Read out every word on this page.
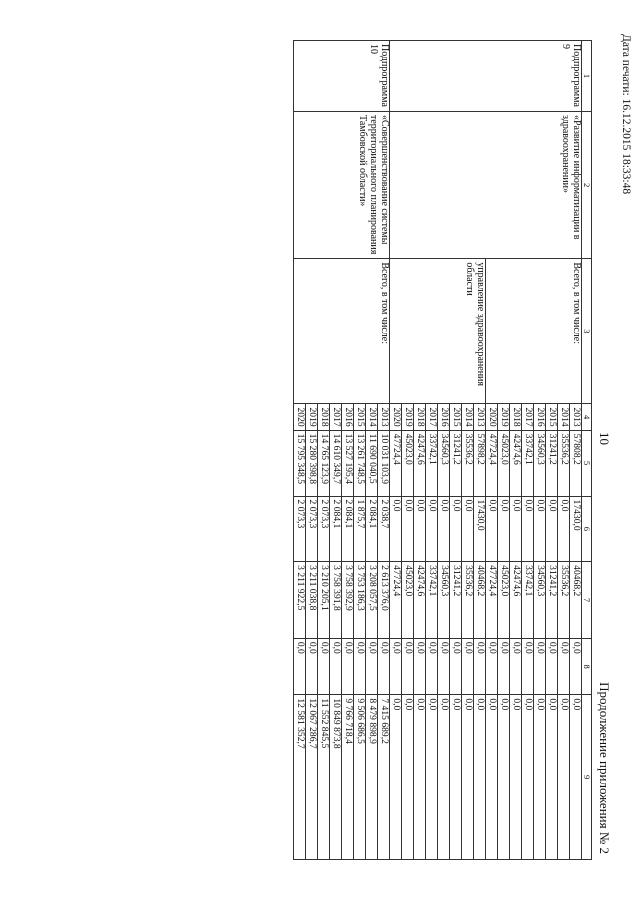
10
Продолжение приложения № 2
1	2	3	4	5	6	7	8	9
Подпрограмма 9	«Развитие информатизации в здравоохранении»	Всего, в том числе:	2013	57808,2	17430,0	40468,2	0,0	0,0
			2014	35536,2	0,0	35536,2	0,0	0,0
			2015	31241,2	0,0	31241,2	0,0	0,0
			2016	34560,3	0,0	34560,3	0,0	0,0
			2017	33742,1	0,0	33742,1	0,0	0,0
			2018	42474,6	0,0	42474,6	0,0	0,0
			2019	45023,0	0,0	45023,0	0,0	0,0
			2020	47724,4	0,0	47724,4	0,0	0,0
		управление здравоохранения области	2013	57898,2	17430,0	40468,2	0,0	0,0
			2014	35536,2	0,0	35536,2	0,0	0,0
			2015	31241,2	0,0	31241,2	0,0	0,0
			2016	34560,3	0,0	34560,3	0,0	0,0
			2017	33742,1	0,0	33742,1	0,0	0,0
			2018	42474,6	0,0	42474,6	0,0	0,0
			2019	45023,0	0,0	45023,0	0,0	0,0
			2020	47724,4	0,0	47724,4	0,0	0,0
Подпрограмма 10	«Совершенствование системы территориального планирования Тамбовской области»	Всего, в том числе:	2013	10 031 103,9	2 038,7	2 613 376,0	0,0	7 415 689,2
			2014	11 690 040,5	2 084,1	3 208 057,5	0,0	8 479 898,9
			2015	13 261 748,5	1 875,7	3 753 186,3	0,0	9 506 686,5
			2016	13 527 195,4	2 084,1	3 758 392,9	0,0	9 766 718,4
			2017	14 610 349,7	2 084,1	3 758 391,8	0,0	10 849 873,8
			2018	14 765 123,9	2 073,3	3 210 205,1	0,0	11 552 845,5
			2019	15 280 398,8	2 073,3	3 211 038,8	0,0	12 067 286,7
			2020	15 795 348,5	2 073,3	3 211 922,5	0,0	12 581 352,7
Дата печати: 16.12.2015 18:33:48
